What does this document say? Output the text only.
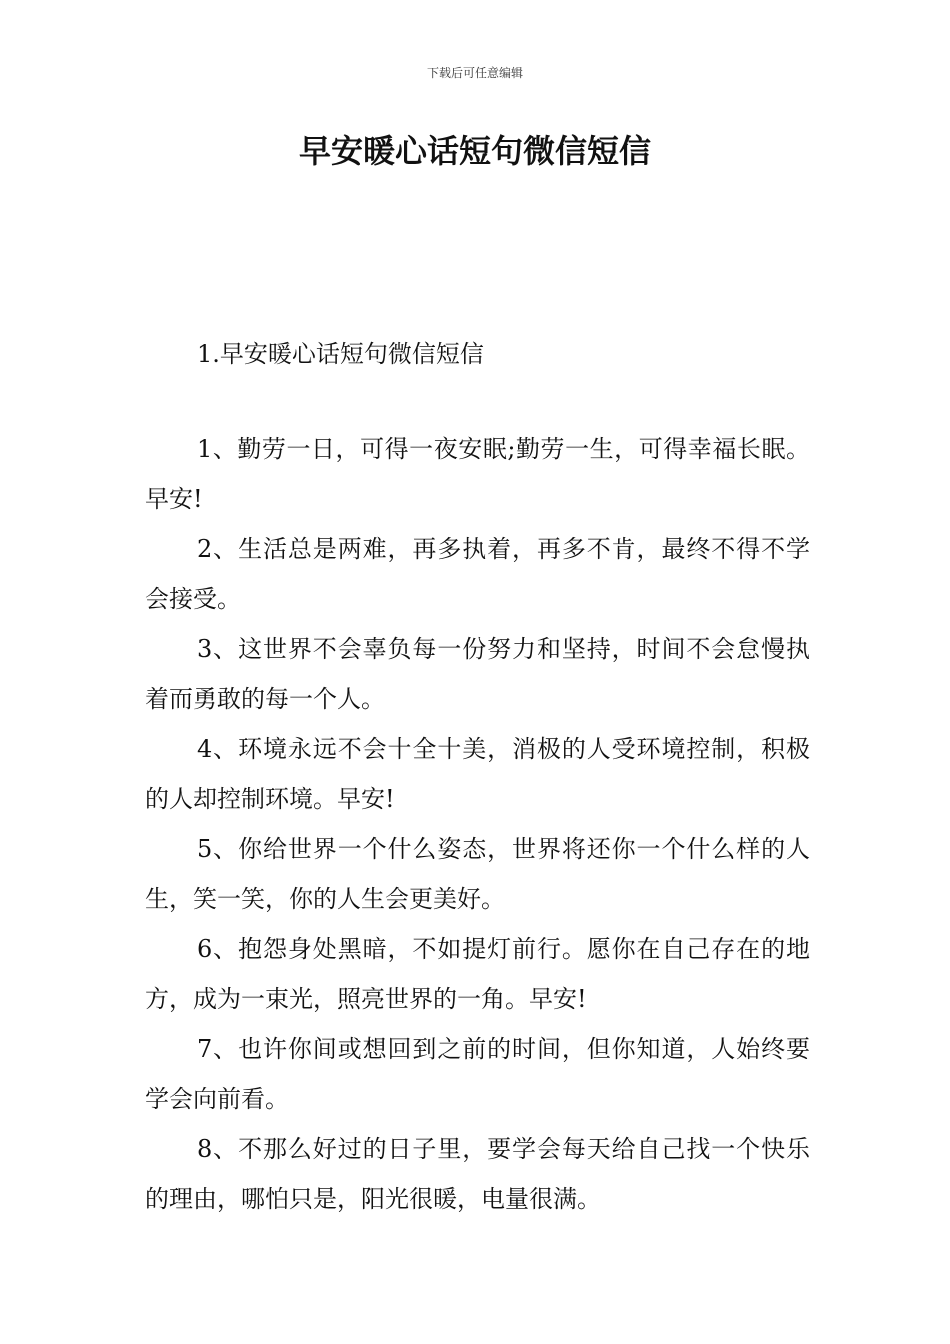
下载后可任意编辑
早安暖心话短句微信短信

1.早安暖心话短句微信短信

1、勤劳一日，可得一夜安眠;勤劳一生，可得幸福长眠。早安!

2、生活总是两难，再多执着，再多不肯，最终不得不学会接受。

3、这世界不会辜负每一份努力和坚持，时间不会怠慢执着而勇敢的每一个人。

4、环境永远不会十全十美，消极的人受环境控制，积极的人却控制环境。早安!

5、你给世界一个什么姿态，世界将还你一个什么样的人生，笑一笑，你的人生会更美好。

6、抱怨身处黑暗，不如提灯前行。愿你在自己存在的地方，成为一束光，照亮世界的一角。早安!

7、也许你间或想回到之前的时间，但你知道，人始终要学会向前看。

8、不那么好过的日子里，要学会每天给自己找一个快乐的理由，哪怕只是，阳光很暖，电量很满。
